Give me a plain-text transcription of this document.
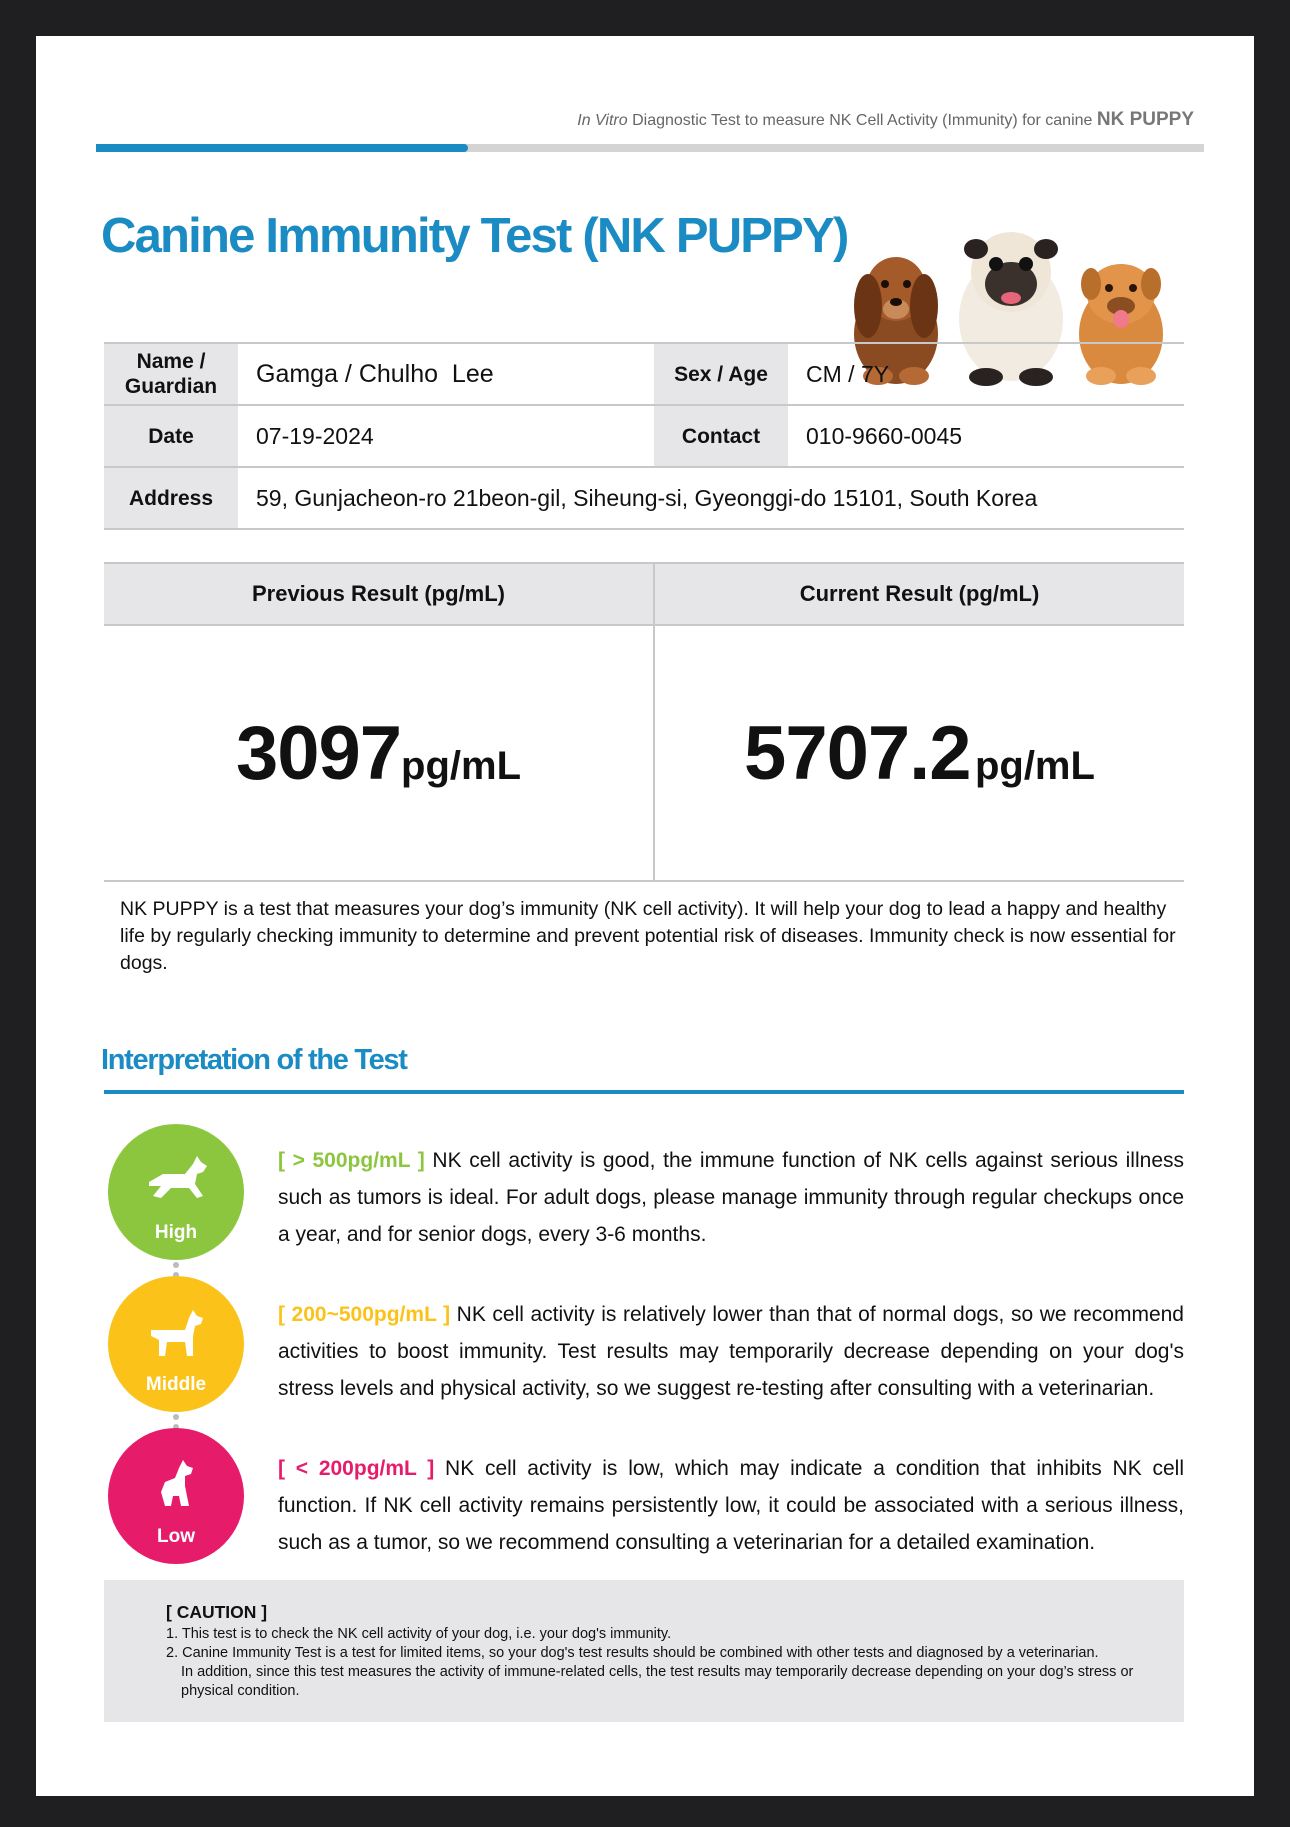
In Vitro Diagnostic Test to measure NK Cell Activity (Immunity) for canine NK PUPPY
Canine Immunity Test (NK PUPPY)
Name /
Guardian	Gamga / Chulho  Lee	Sex / Age	CM / 7Y
Date	07-19-2024	Contact	010-9660-0045
Address	59, Gunjacheon-ro 21beon-gil, Siheung-si, Gyeonggi-do 15101, South Korea		
Previous Result (pg/mL)	Current Result (pg/mL)
3097pg/mL	5707.2 pg/mL
NK PUPPY is a test that measures your dog’s immunity (NK cell activity). It will help your dog to lead a happy and healthy life by regularly checking immunity to determine and prevent potential risk of diseases. Immunity check is now essential for dogs.
Interpretation of the Test
High
[ > 500pg/mL ] NK cell activity is good, the immune function of NK cells against serious illness such as tumors is ideal. For adult dogs, please manage immunity through regular checkups once a year, and for senior dogs, every 3-6 months.
Middle
[ 200~500pg/mL ] NK cell activity is relatively lower than that of normal dogs, so we recommend activities to boost immunity. Test results may temporarily decrease depending on your dog's stress levels and physical activity, so we suggest re-testing after consulting with a veterinarian.
Low
[ < 200pg/mL ] NK cell activity is low, which may indicate a condition that inhibits NK cell function. If NK cell activity remains persistently low, it could be associated with a serious illness, such as a tumor, so we recommend consulting a veterinarian for a detailed examination.
[ CAUTION ]
1. This test is to check the NK cell activity of your dog, i.e. your dog's immunity.
2. Canine Immunity Test is a test for limited items, so your dog's test results should be combined with other tests and diagnosed by a veterinarian.
In addition, since this test measures the activity of immune-related cells, the test results may temporarily decrease depending on your dog’s stress or physical condition.
